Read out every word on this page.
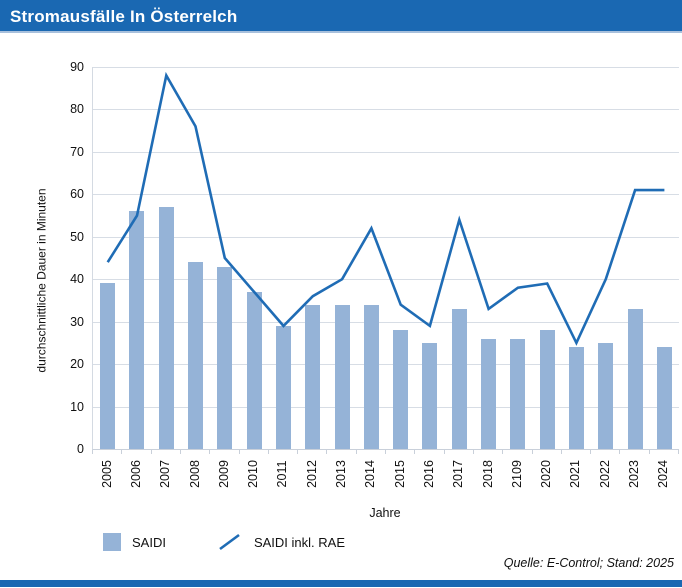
Stromausfälle In Österrelch
durchschnittliche Dauer in Minuten
0
10
20
30
40
50
60
70
80
90
2005 2006 2007 2008 2009 2010 2011 2012 2013 2014 2015 2016 2017 2018 2109 2020 2021 2022 2023 2024
Jahre
SAIDI	SAIDI inkl. RAE
Quelle: E-Control; Stand: 2025
